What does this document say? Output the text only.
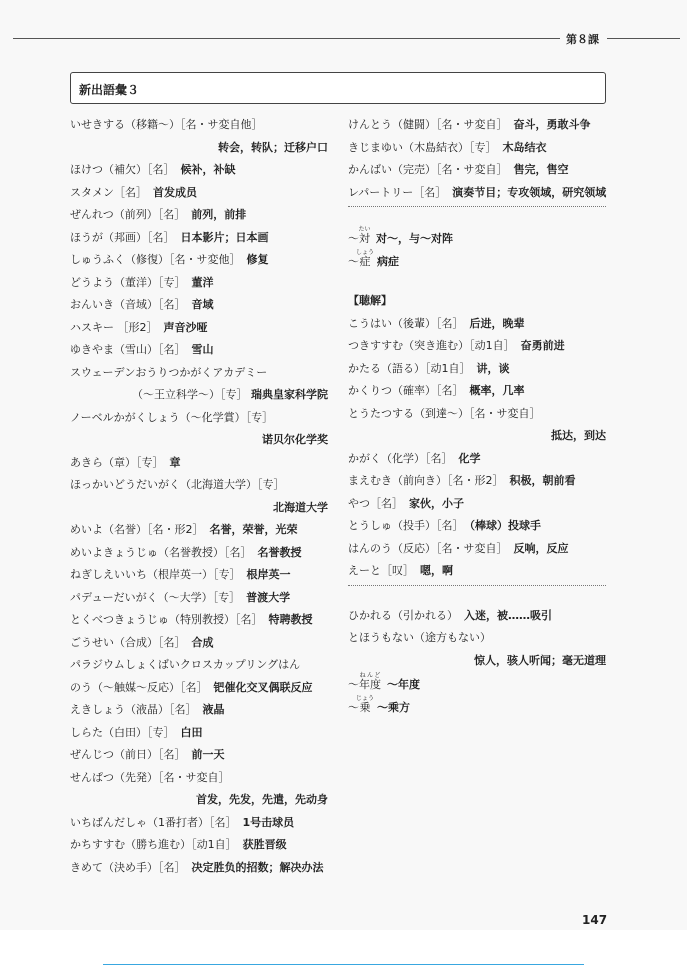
第８課
新出語彙３
いせきする（移籍～）［名・サ変自他］
转会，转队；迁移户口
ほけつ（補欠）［名］ 候补，补缺
スタメン［名］ 首发成员
ぜんれつ（前列）［名］ 前列，前排
ほうが（邦画）［名］ 日本影片；日本画
しゅうふく（修復）［名・サ変他］ 修复
どうよう（董洋）［专］ 董洋
おんいき（音域）［名］ 音域
ハスキー ［形2］ 声音沙哑
ゆきやま（雪山）［名］ 雪山
スウェーデンおうりつかがくアカデミー
（～王立科学～）［专］ 瑞典皇家科学院
ノーベルかがくしょう（～化学賞）［专］
诺贝尔化学奖
あきら（章）［专］ 章
ほっかいどうだいがく（北海道大学）［专］
北海道大学
めいよ（名誉）［名・形2］ 名誉，荣誉，光荣
めいよきょうじゅ（名誉教授）［名］ 名誉教授
ねぎしえいいち（根岸英一）［专］ 根岸英一
パデューだいがく（～大学）［专］ 普渡大学
とくべつきょうじゅ（特別教授）［名］ 特聘教授
ごうせい（合成）［名］ 合成
パラジウムしょくばいクロスカップリングはん
のう（～触媒～反応）［名］ 钯催化交叉偶联反应
えきしょう（液晶）［名］ 液晶
しらた（白田）［专］ 白田
ぜんじつ（前日）［名］ 前一天
せんぱつ（先発）［名・サ変自］
首发，先发，先遣，先动身
いちばんだしゃ（1番打者）［名］ 1号击球员
かちすすむ（勝ち進む）［动1自］ 获胜晋级
きめて（決め手）［名］ 决定胜负的招数；解决办法
けんとう（健闘）［名・サ変自］ 奋斗，勇敢斗争
きじまゆい（木島結衣）［专］ 木岛结衣
かんばい（完売）［名・サ変自］ 售完，售空
レパートリー［名］ 演奏节目；专攻领域，研究领域
～対たい对～，与～对阵
～症しょう病症
【聴解】
こうはい（後輩）［名］ 后进，晚辈
つきすすむ（突き進む）［动1自］ 奋勇前进
かたる（語る）［动1自］ 讲，谈
かくりつ（確率）［名］ 概率，几率
とうたつする（到達～）［名・サ変自］
抵达，到达
かがく（化学）［名］ 化学
まえむき（前向き）［名・形2］ 积极，朝前看
やつ［名］ 家伙，小子
とうしゅ（投手）［名］ （棒球）投球手
はんのう（反応）［名・サ変自］ 反响，反应
えーと［叹］ 嗯，啊
ひかれる（引かれる） 入迷，被……吸引
とほうもない（途方もない）
惊人，骇人听闻；毫无道理
～年度ねんど～年度
～乗じょう～乘方
147
